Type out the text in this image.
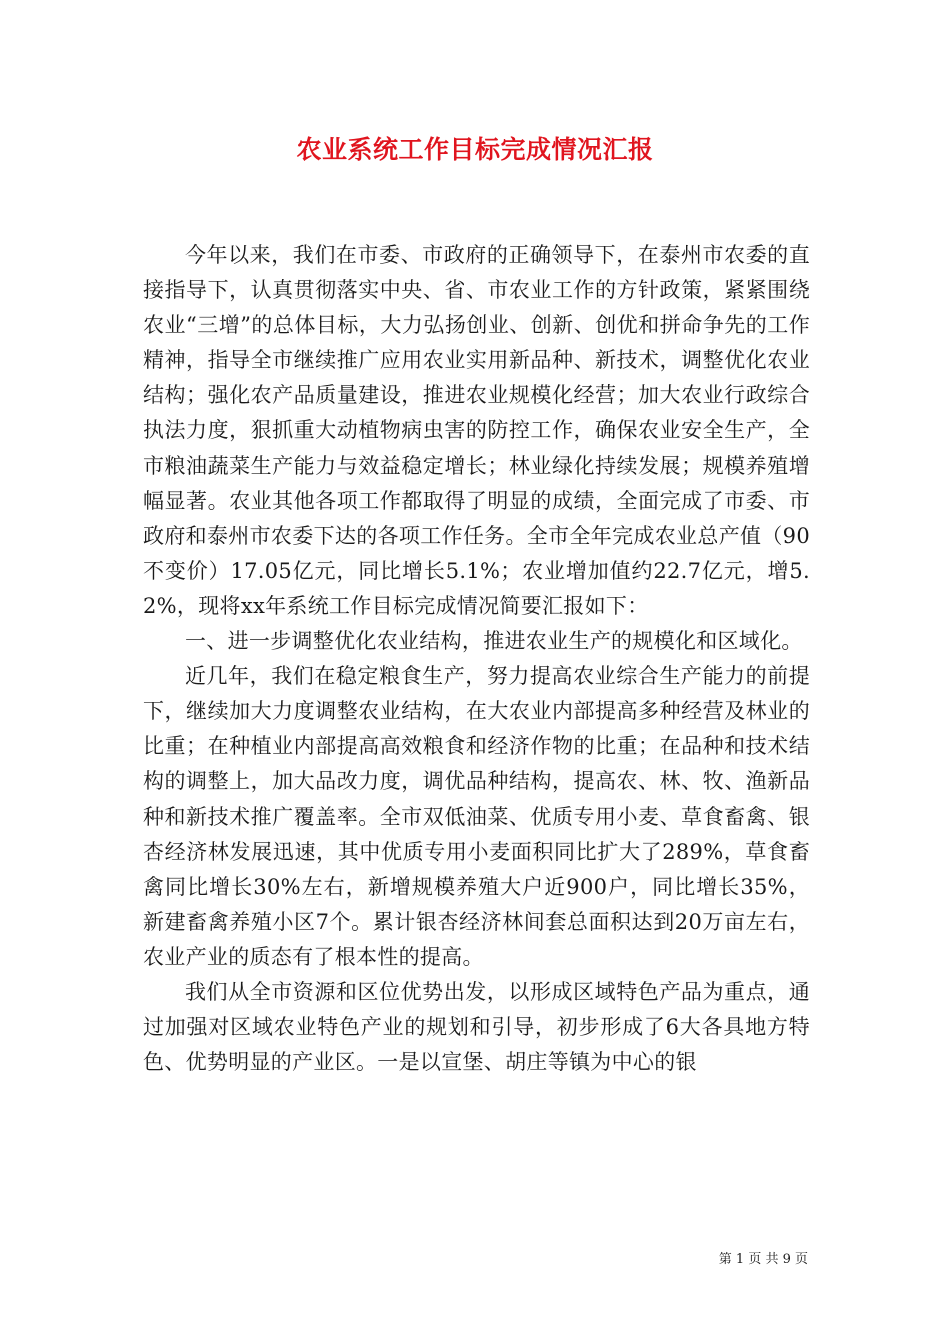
农业系统工作目标完成情况汇报

今年以来，我们在市委、市政府的正确领导下，在泰州市农委的直接指导下，认真贯彻落实中央、省、市农业工作的方针政策，紧紧围绕农业“三增”的总体目标，大力弘扬创业、创新、创优和拼命争先的工作精神，指导全市继续推广应用农业实用新品种、新技术，调整优化农业结构；强化农产品质量建设，推进农业规模化经营；加大农业行政综合执法力度，狠抓重大动植物病虫害的防控工作，确保农业安全生产，全市粮油蔬菜生产能力与效益稳定增长；林业绿化持续发展；规模养殖增幅显著。农业其他各项工作都取得了明显的成绩，全面完成了市委、市政府和泰州市农委下达的各项工作任务。全市全年完成农业总产值（90不变价）17.05亿元，同比增长5.1%；农业增加值约22.7亿元，增5.2%，现将xx年系统工作目标完成情况简要汇报如下：

一、进一步调整优化农业结构，推进农业生产的规模化和区域化。

近几年，我们在稳定粮食生产，努力提高农业综合生产能力的前提下，继续加大力度调整农业结构，在大农业内部提高多种经营及林业的比重；在种植业内部提高高效粮食和经济作物的比重；在品种和技术结构的调整上，加大品改力度，调优品种结构，提高农、林、牧、渔新品种和新技术推广覆盖率。全市双低油菜、优质专用小麦、草食畜禽、银杏经济林发展迅速，其中优质专用小麦面积同比扩大了289%，草食畜禽同比增长30%左右，新增规模养殖大户近900户，同比增长35%，新建畜禽养殖小区7个。累计银杏经济林间套总面积达到20万亩左右，农业产业的质态有了根本性的提高。

我们从全市资源和区位优势出发，以形成区域特色产品为重点，通过加强对区域农业特色产业的规划和引导，初步形成了6大各具地方特色、优势明显的产业区。一是以宣堡、胡庄等镇为中心的银

第 1 页 共 9 页
